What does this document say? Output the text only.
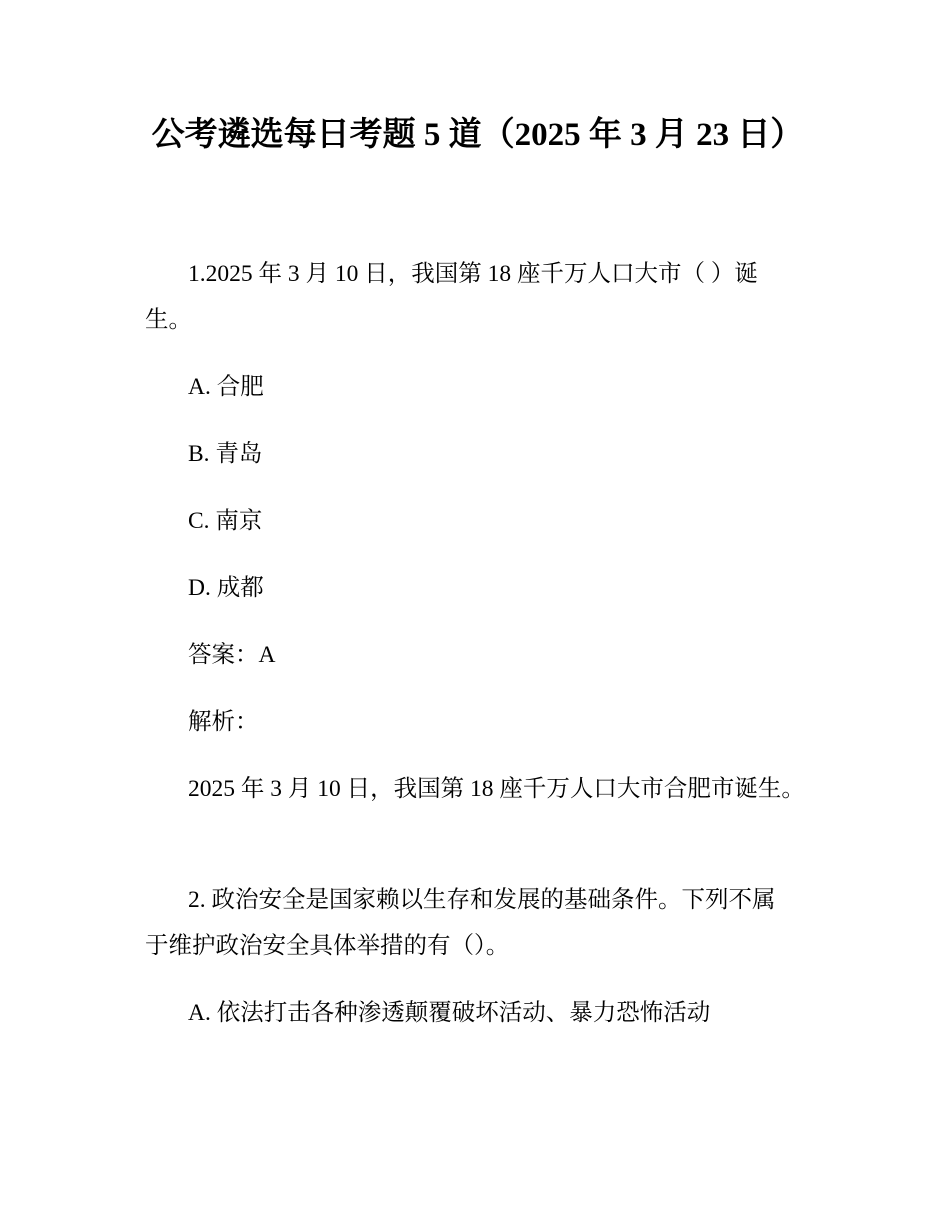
公考遴选每日考题 5 道（2025 年 3 月 23 日）
1.2025 年 3 月 10 日，我国第 18 座千万人口大市（ ）诞
生。
A. 合肥
B. 青岛
C. 南京
D. 成都
答案：A
解析：
2025 年 3 月 10 日，我国第 18 座千万人口大市合肥市诞生。
2. 政治安全是国家赖以生存和发展的基础条件。下列不属
于维护政治安全具体举措的有（）。
A. 依法打击各种渗透颠覆破坏活动、暴力恐怖活动
